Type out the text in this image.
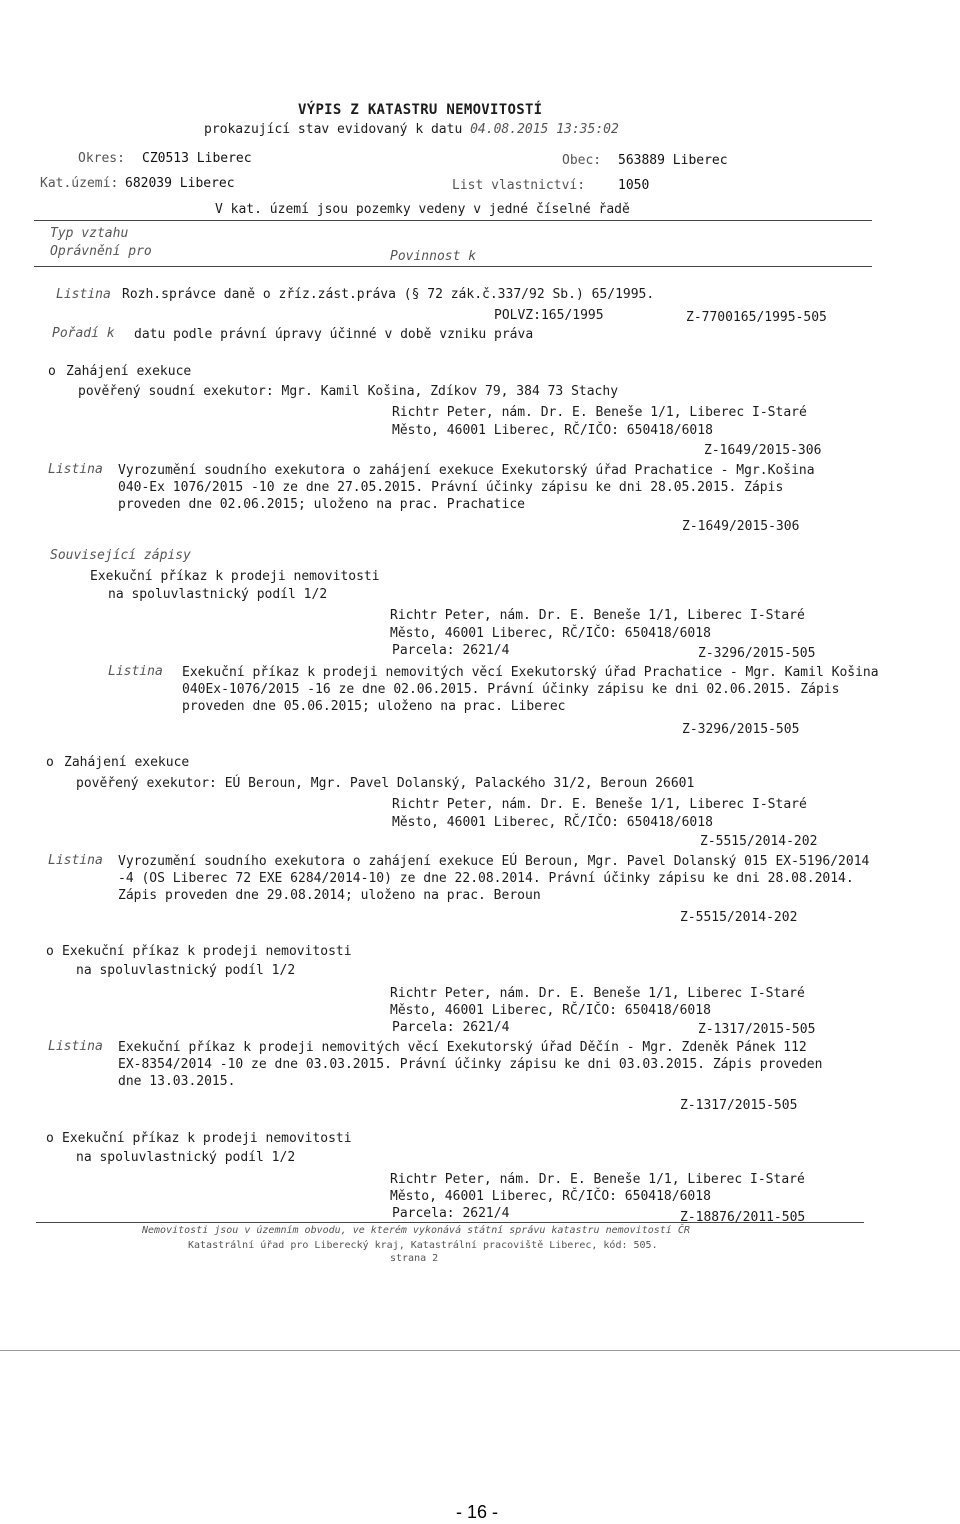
VÝPIS Z KATASTRU NEMOVITOSTÍ
prokazující stav evidovaný k datu 04.08.2015 13:35:02
Okres: CZ0513 Liberec	Obec: 563889 Liberec
Kat.území: 682039 Liberec	List vlastnictví:	1050
V kat. území jsou pozemky vedeny v jedné číselné řadě
Typ vztahu
Oprávnění pro	Povinnost k
Listina Rozh.správce daně o zříz.zást.práva (§ 72 zák.č.337/92 Sb.) 65/1995.
POLVZ:165/1995	Z-7700165/1995-505
Pořadí k datu podle právní úpravy účinné v době vzniku práva
o Zahájení exekuce
pověřený soudní exekutor: Mgr. Kamil Košina, Zdíkov 79, 384 73 Stachy
Richtr Peter, nám. Dr. E. Beneše 1/1, Liberec I-Staré
Město, 46001 Liberec, RČ/IČO: 650418/6018
Z-1649/2015-306
Listina Vyrozumění soudního exekutora o zahájení exekuce Exekutorský úřad Prachatice - Mgr.Košina 040-Ex 1076/2015 -10 ze dne 27.05.2015. Právní účinky zápisu ke dni 28.05.2015. Zápis proveden dne 02.06.2015; uloženo na prac. Prachatice
Z-1649/2015-306
Související zápisy
Exekuční příkaz k prodeji nemovitosti
na spoluvlastnický podíl 1/2
Richtr Peter, nám. Dr. E. Beneše 1/1, Liberec I-Staré
Město, 46001 Liberec, RČ/IČO: 650418/6018
Parcela: 2621/4	Z-3296/2015-505
Listina Exekuční příkaz k prodeji nemovitých věcí Exekutorský úřad Prachatice - Mgr. Kamil Košina 040Ex-1076/2015 -16 ze dne 02.06.2015. Právní účinky zápisu ke dni 02.06.2015. Zápis proveden dne 05.06.2015; uloženo na prac. Liberec
Z-3296/2015-505
o Zahájení exekuce
pověřený exekutor: EÚ Beroun, Mgr. Pavel Dolanský, Palackého 31/2, Beroun 26601
Richtr Peter, nám. Dr. E. Beneše 1/1, Liberec I-Staré
Město, 46001 Liberec, RČ/IČO: 650418/6018
Z-5515/2014-202
Listina Vyrozumění soudního exekutora o zahájení exekuce EÚ Beroun, Mgr. Pavel Dolanský 015 EX-5196/2014 -4 (OS Liberec 72 EXE 6284/2014-10) ze dne 22.08.2014. Právní účinky zápisu ke dni 28.08.2014. Zápis proveden dne 29.08.2014; uloženo na prac. Beroun
Z-5515/2014-202
o Exekuční příkaz k prodeji nemovitosti
na spoluvlastnický podíl 1/2
Richtr Peter, nám. Dr. E. Beneše 1/1, Liberec I-Staré
Město, 46001 Liberec, RČ/IČO: 650418/6018
Parcela: 2621/4	Z-1317/2015-505
Listina Exekuční příkaz k prodeji nemovitých věcí Exekutorský úřad Děčín - Mgr. Zdeněk Pánek 112 EX-8354/2014 -10 ze dne 03.03.2015. Právní účinky zápisu ke dni 03.03.2015. Zápis proveden dne 13.03.2015.
Z-1317/2015-505
o Exekuční příkaz k prodeji nemovitosti
na spoluvlastnický podíl 1/2
Richtr Peter, nám. Dr. E. Beneše 1/1, Liberec I-Staré
Město, 46001 Liberec, RČ/IČO: 650418/6018
Parcela: 2621/4	Z-18876/2011-505
Nemovitosti jsou v územním obvodu, ve kterém vykonává státní správu katastru nemovitostí ČR
Katastrální úřad pro Liberecký kraj, Katastrální pracoviště Liberec, kód: 505.
strana 2
- 16 -
